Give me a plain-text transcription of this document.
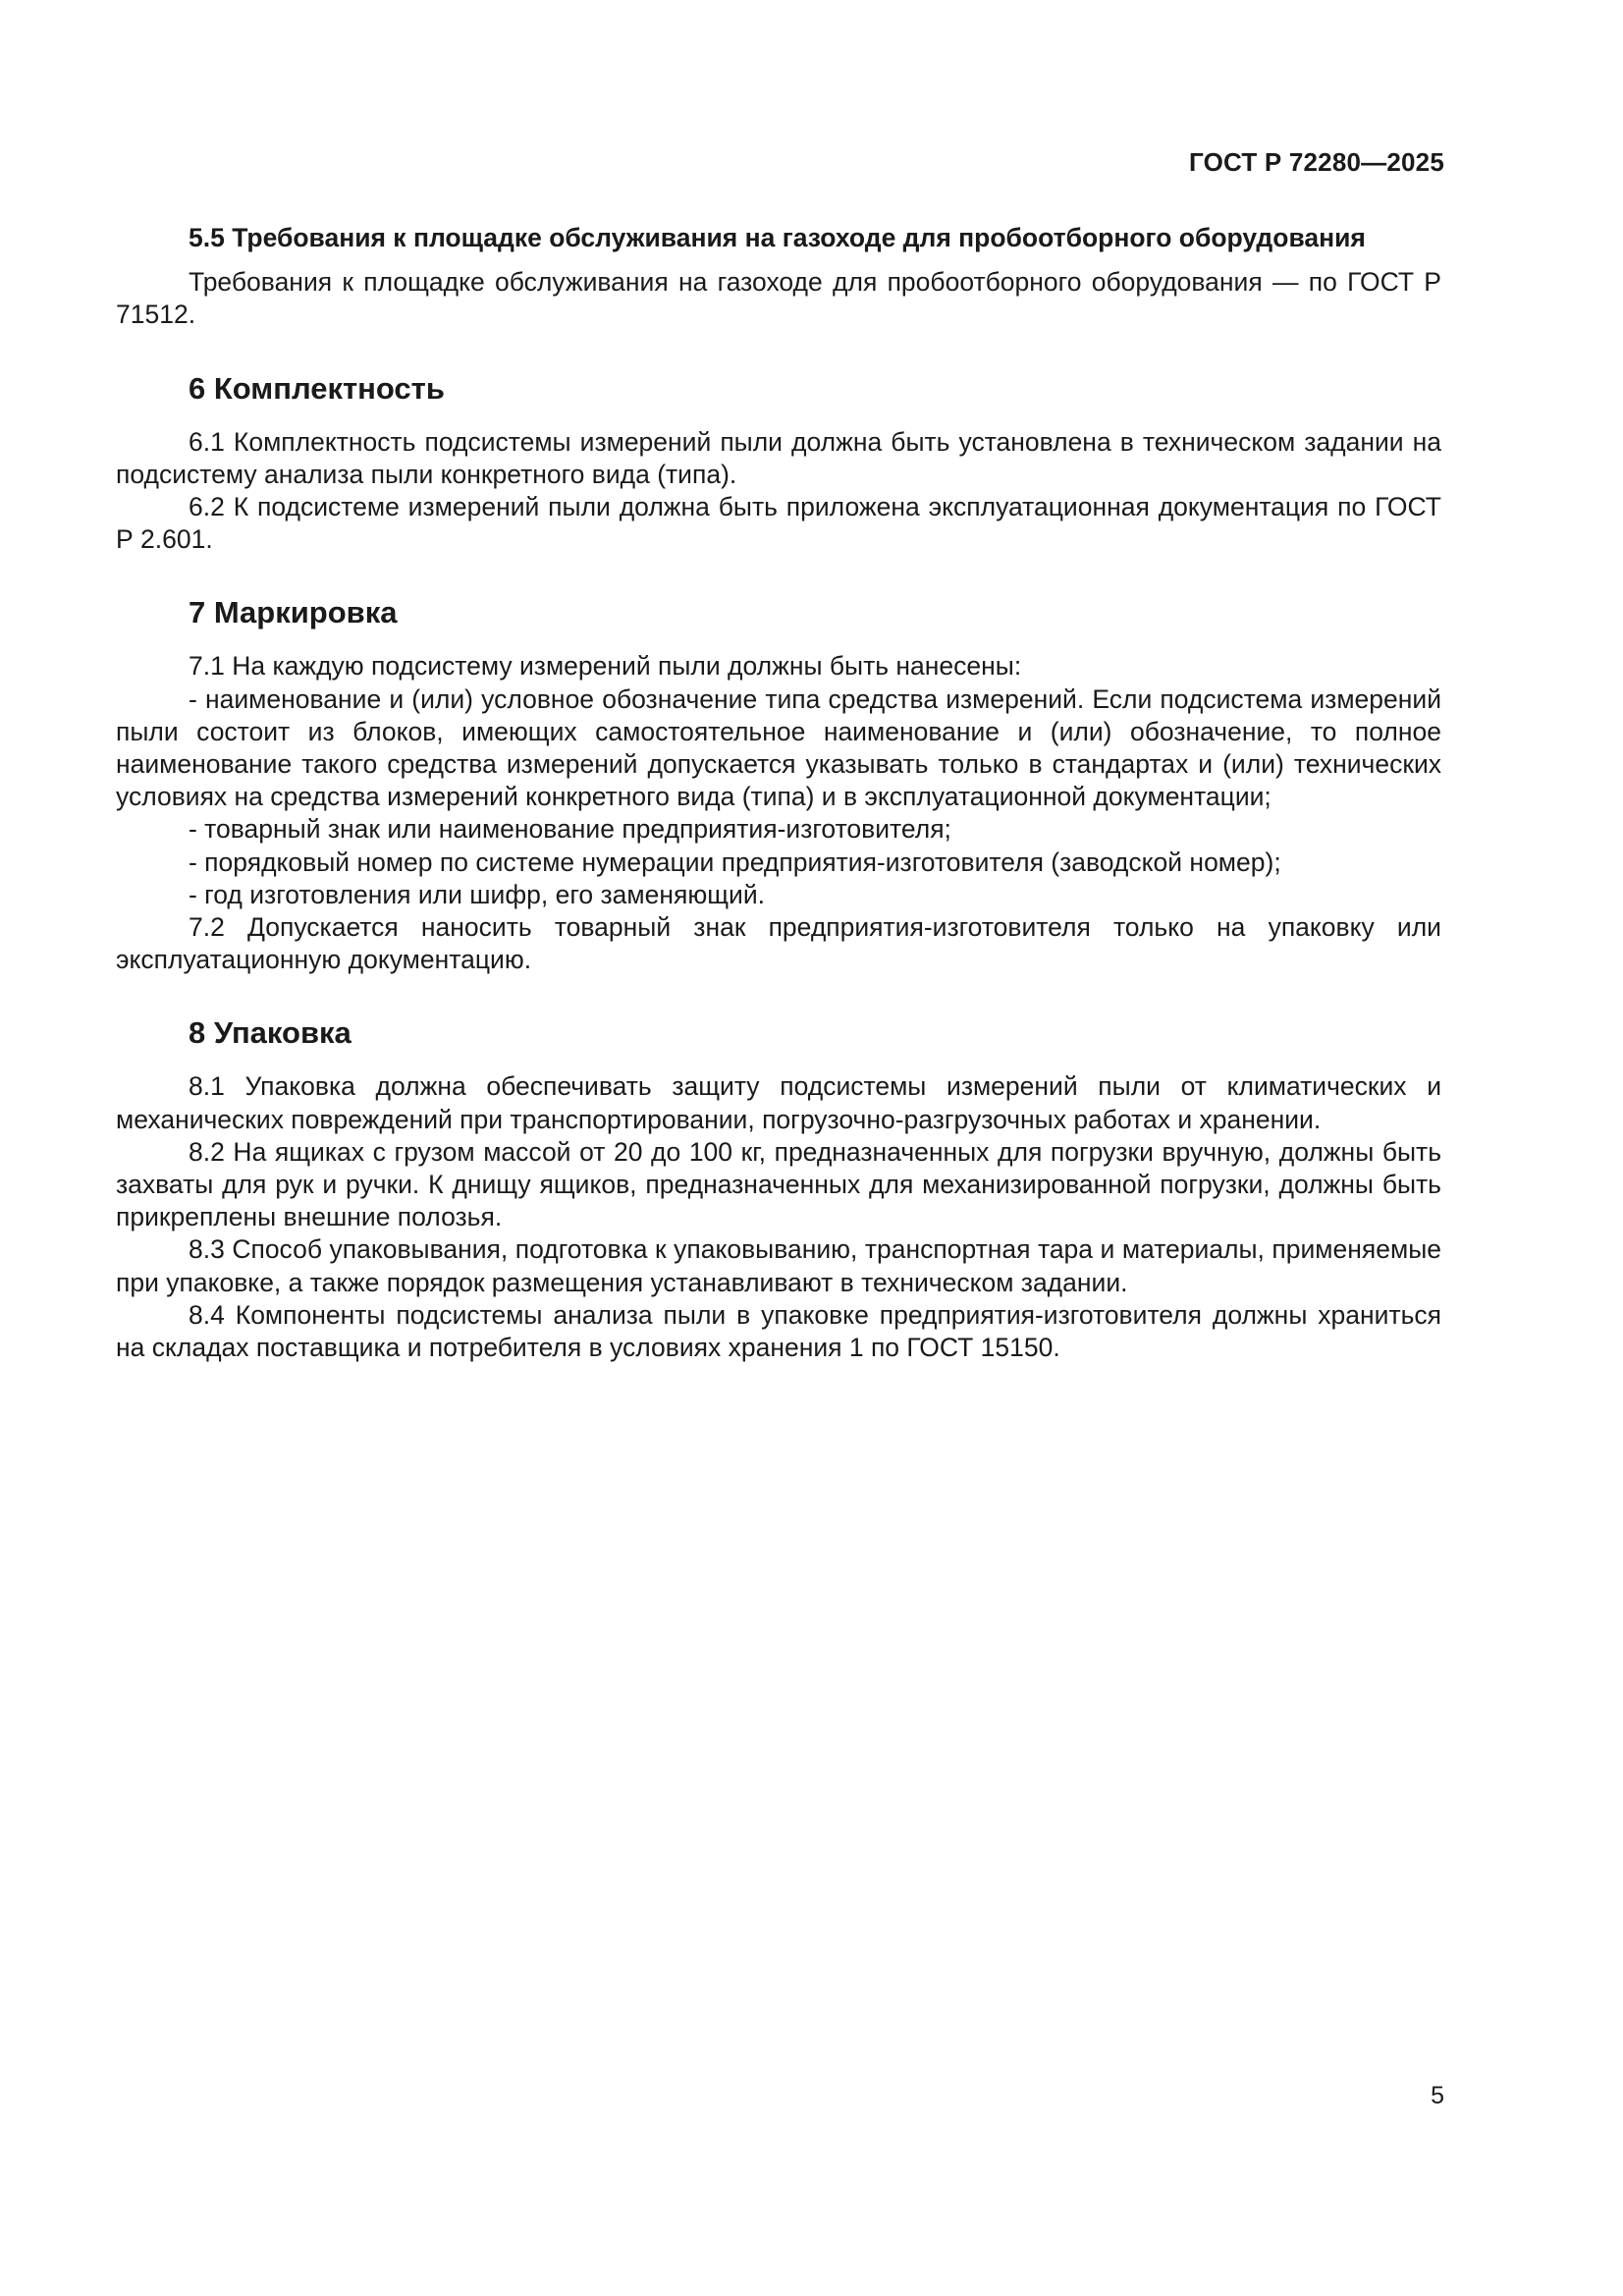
ГОСТ Р 72280—2025

5.5 Требования к площадке обслуживания на газоходе для пробоотборного оборудования

Требования к площадке обслуживания на газоходе для пробоотборного оборудования — по ГОСТ Р 71512.

6 Комплектность

6.1 Комплектность подсистемы измерений пыли должна быть установлена в техническом задании на подсистему анализа пыли конкретного вида (типа).

6.2 К подсистеме измерений пыли должна быть приложена эксплуатационная документация по ГОСТ Р 2.601.

7 Маркировка

7.1 На каждую подсистему измерений пыли должны быть нанесены:

- наименование и (или) условное обозначение типа средства измерений. Если подсистема измерений пыли состоит из блоков, имеющих самостоятельное наименование и (или) обозначение, то полное наименование такого средства измерений допускается указывать только в стандартах и (или) технических условиях на средства измерений конкретного вида (типа) и в эксплуатационной документации;

- товарный знак или наименование предприятия-изготовителя;

- порядковый номер по системе нумерации предприятия-изготовителя (заводской номер);

- год изготовления или шифр, его заменяющий.

7.2 Допускается наносить товарный знак предприятия-изготовителя только на упаковку или эксплуатационную документацию.

8 Упаковка

8.1 Упаковка должна обеспечивать защиту подсистемы измерений пыли от климатических и механических повреждений при транспортировании, погрузочно-разгрузочных работах и хранении.

8.2 На ящиках с грузом массой от 20 до 100 кг, предназначенных для погрузки вручную, должны быть захваты для рук и ручки. К днищу ящиков, предназначенных для механизированной погрузки, должны быть прикреплены внешние полозья.

8.3 Способ упаковывания, подготовка к упаковыванию, транспортная тара и материалы, применяемые при упаковке, а также порядок размещения устанавливают в техническом задании.

8.4 Компоненты подсистемы анализа пыли в упаковке предприятия-изготовителя должны храниться на складах поставщика и потребителя в условиях хранения 1 по ГОСТ 15150.

5
